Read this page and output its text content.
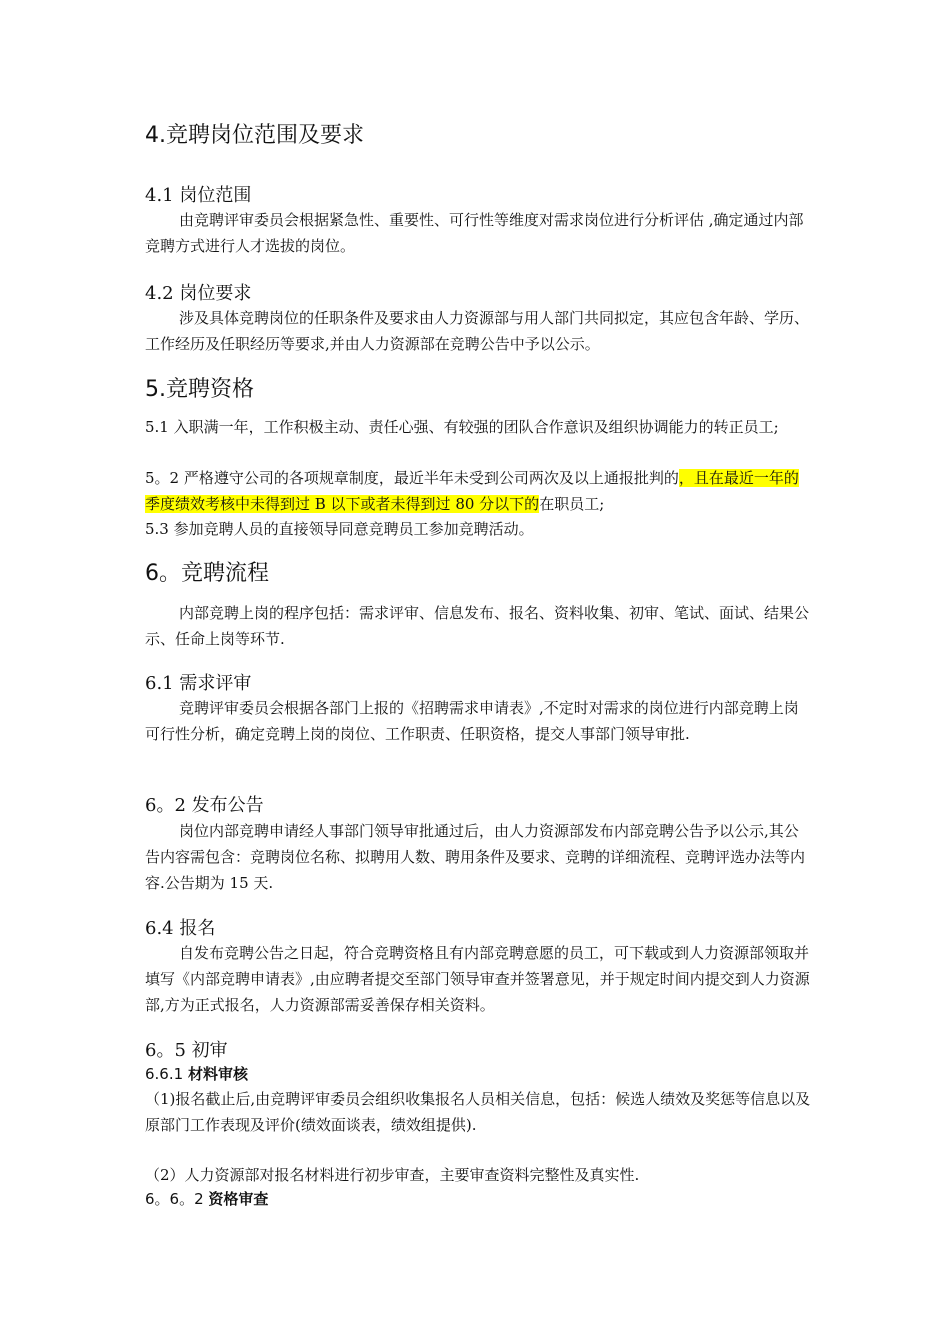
4.竞聘岗位范围及要求
4.1 岗位范围

由竞聘评审委员会根据紧急性、重要性、可行性等维度对需求岗位进行分析评估 ,确定通过内部竞聘方式进行人才选拔的岗位。

4.2 岗位要求

涉及具体竞聘岗位的任职条件及要求由人力资源部与用人部门共同拟定，其应包含年龄、学历、工作经历及任职经历等要求,并由人力资源部在竞聘公告中予以公示。

5.竞聘资格

5.1 入职满一年，工作积极主动、责任心强、有较强的团队合作意识及组织协调能力的转正员工;

5。2 严格遵守公司的各项规章制度，最近半年未受到公司两次及以上通报批判的，且在最近一年的季度绩效考核中未得到过 B 以下或者未得到过 80 分以下的在职员工;

5.3 参加竞聘人员的直接领导同意竞聘员工参加竞聘活动。

6。竞聘流程

内部竞聘上岗的程序包括：需求评审、信息发布、报名、资料收集、初审、笔试、面试、结果公示、任命上岗等环节.

6.1 需求评审

竞聘评审委员会根据各部门上报的《招聘需求申请表》,不定时对需求的岗位进行内部竞聘上岗可行性分析，确定竞聘上岗的岗位、工作职责、任职资格，提交人事部门领导审批.

6。2 发布公告

岗位内部竞聘申请经人事部门领导审批通过后，由人力资源部发布内部竞聘公告予以公示,其公告内容需包含：竞聘岗位名称、拟聘用人数、聘用条件及要求、竞聘的详细流程、竞聘评选办法等内容.公告期为 15 天.

6.4 报名

自发布竞聘公告之日起，符合竞聘资格且有内部竞聘意愿的员工，可下载或到人力资源部领取并填写《内部竞聘申请表》,由应聘者提交至部门领导审查并签署意见，并于规定时间内提交到人力资源部,方为正式报名，人力资源部需妥善保存相关资料。

6。5 初审
6.6.1 材料审核

（1)报名截止后,由竞聘评审委员会组织收集报名人员相关信息，包括：候选人绩效及奖惩等信息以及原部门工作表现及评价(绩效面谈表，绩效组提供).

（2）人力资源部对报名材料进行初步审查，主要审查资料完整性及真实性.

6。6。2 资格审查
